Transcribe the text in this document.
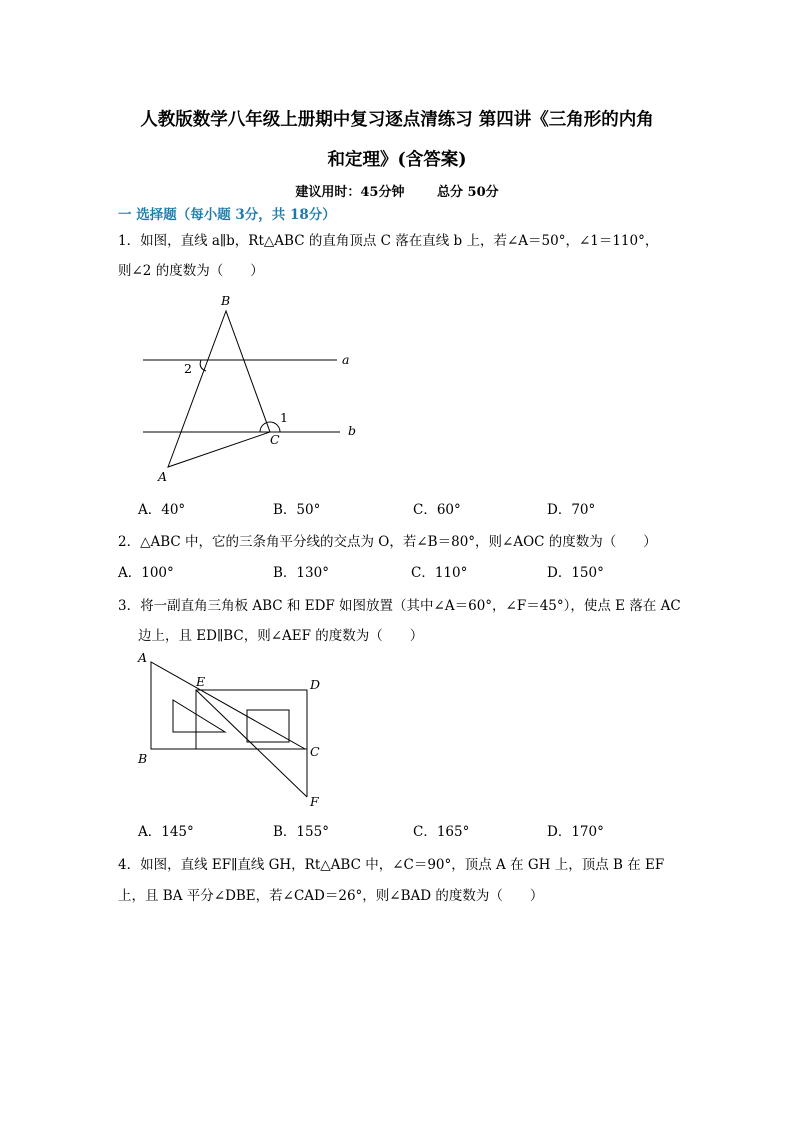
人教版数学八年级上册期中复习逐点清练习 第四讲《三角形的内角
和定理》(含答案)
建议用时：45分钟	总分 50分
一 选择题（每小题 3分，共 18分）
1．如图，直线 a∥b，Rt△ABC 的直角顶点 C 落在直线 b 上，若∠A＝50°，∠1＝110°，
则∠2 的度数为（　　）
B
A
C
a
b
1
2
A
B	C
D
E
F
A．40°	B．50°	C．60°	D．70°
2．△ABC 中，它的三条角平分线的交点为 O，若∠B＝80°，则∠AOC 的度数为（　　）
A．100°	B．130°	C．110°	D．150°
3．将一副直角三角板 ABC 和 EDF 如图放置（其中∠A＝60°，∠F＝45°），使点 E 落在 AC
边上，且 ED∥BC，则∠AEF 的度数为（　　）
A．145°	B．155°	C．165°	D．170°
4．如图，直线 EF∥直线 GH，Rt△ABC 中，∠C＝90°，顶点 A 在 GH 上，顶点 B 在 EF
上，且 BA 平分∠DBE，若∠CAD＝26°，则∠BAD 的度数为（　　）
